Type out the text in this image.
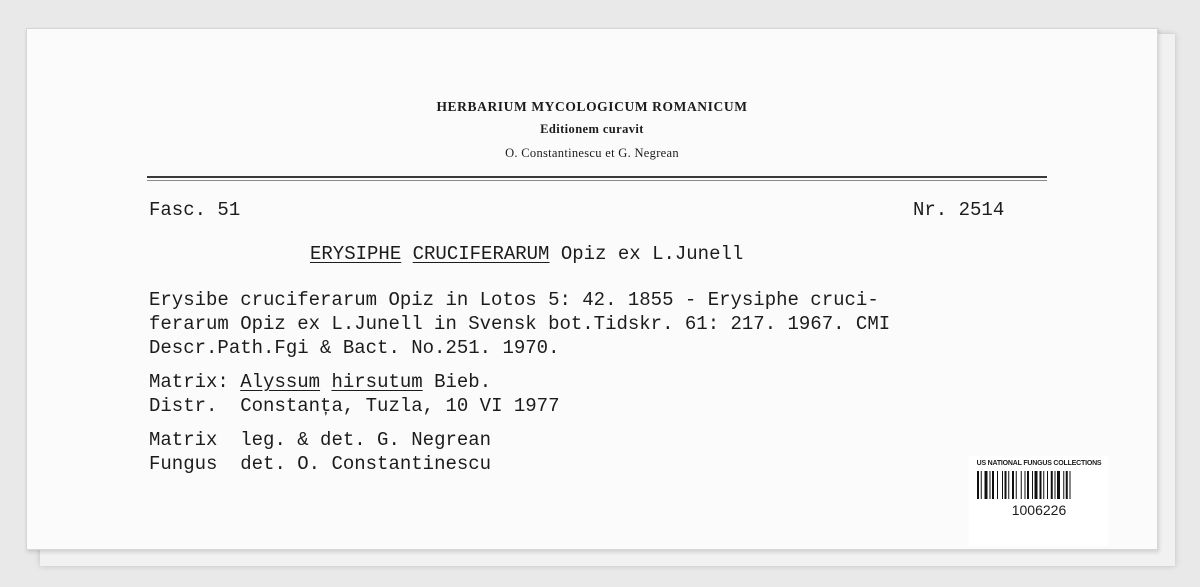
HERBARIUM MYCOLOGICUM ROMANICUM
Editionem curavit
O. Constantinescu et G. Negrean
Fasc. 51	Nr. 2514
ERYSIPHE CRUCIFERARUM Opiz ex L.Junell
Erysibe cruciferarum Opiz in Lotos 5: 42. 1855 - Erysiphe cruci-
ferarum Opiz ex L.Junell in Svensk bot.Tidskr. 61: 217. 1967. CMI
Descr.Path.Fgi & Bact. No.251. 1970.
Matrix: Alyssum hirsutum Bieb.
Distr. Constanța, Tuzla, 10 VI 1977
Matrix leg. & det. G. Negrean
Fungus det. O. Constantinescu	US NATIONAL FUNGUS COLLECTIONS
1006226
